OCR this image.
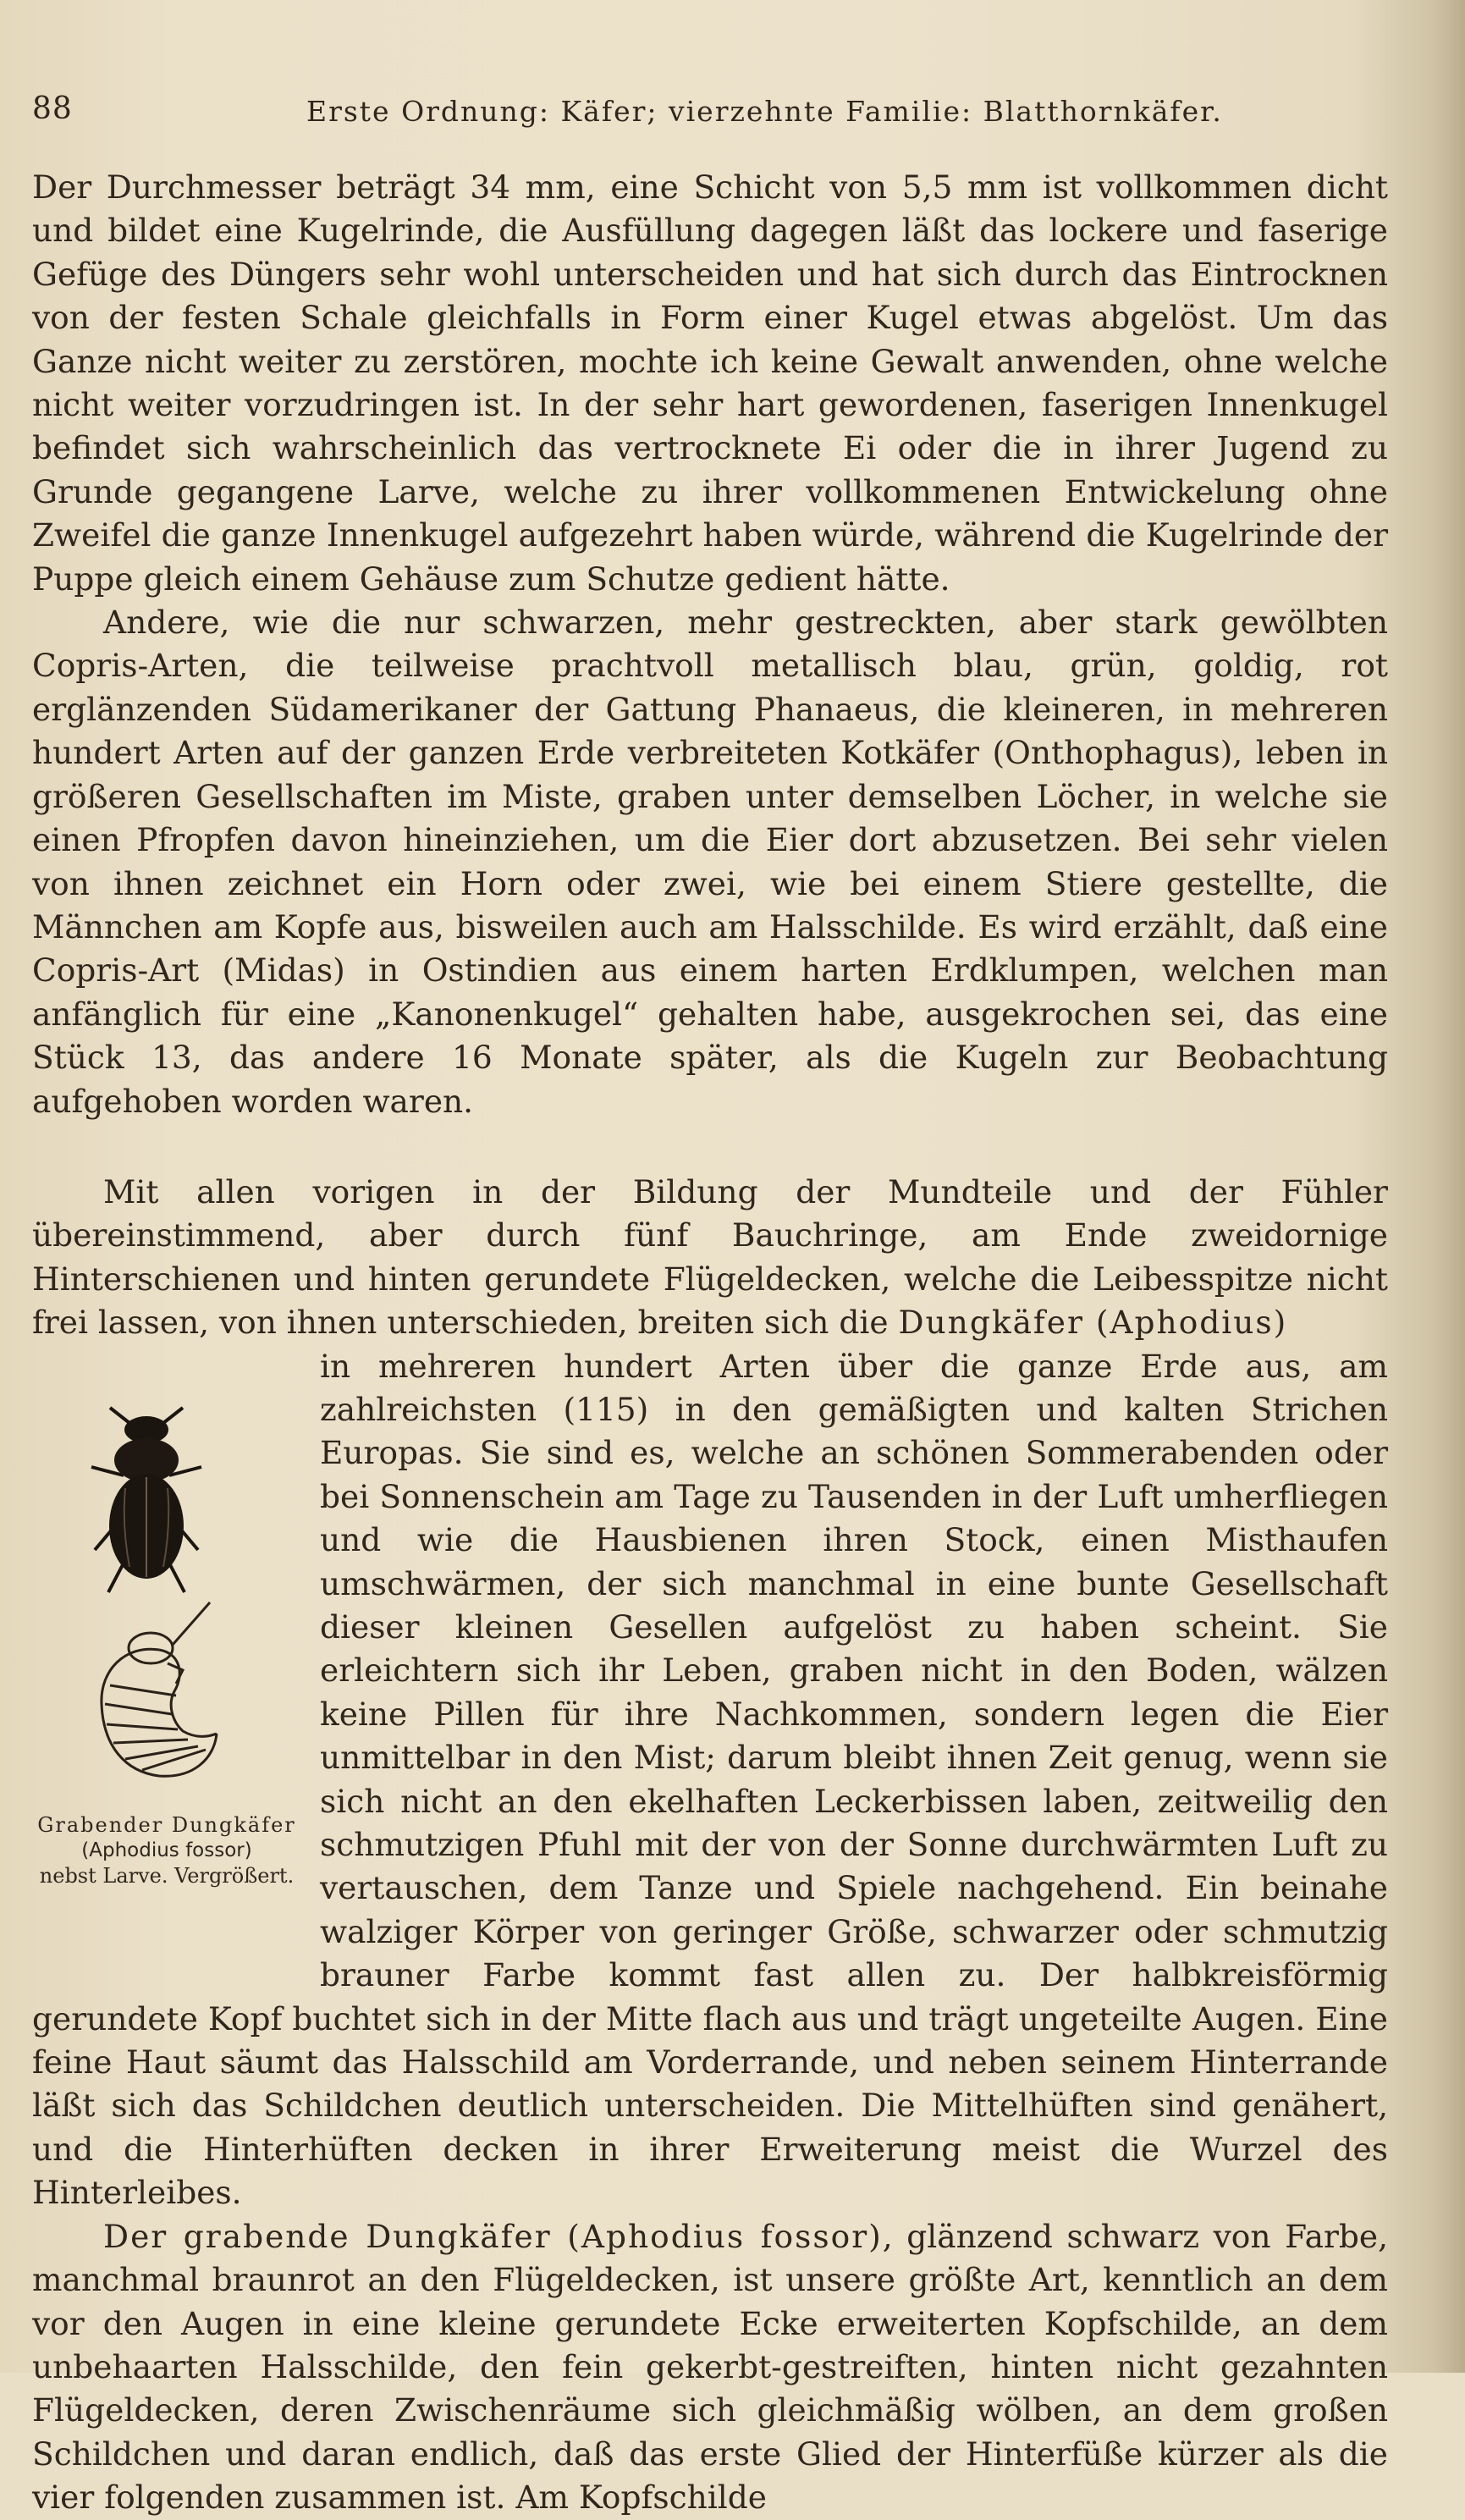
88	Erste Ordnung: Käfer; vierzehnte Familie: Blatthornkäfer.

Der Durchmesser beträgt 34 mm, eine Schicht von 5,5 mm ist vollkommen dicht und bildet eine Kugelrinde, die Ausfüllung dagegen läßt das lockere und faserige Gefüge des Düngers sehr wohl unterscheiden und hat sich durch das Eintrocknen von der festen Schale gleichfalls in Form einer Kugel etwas abgelöst. Um das Ganze nicht weiter zu zerstören, mochte ich keine Gewalt anwenden, ohne welche nicht weiter vorzudringen ist. In der sehr hart gewordenen, faserigen Innenkugel befindet sich wahrscheinlich das vertrocknete Ei oder die in ihrer Jugend zu Grunde gegangene Larve, welche zu ihrer vollkommenen Entwickelung ohne Zweifel die ganze Innenkugel aufgezehrt haben würde, während die Kugelrinde der Puppe gleich einem Gehäuse zum Schutze gedient hätte.

Andere, wie die nur schwarzen, mehr gestreckten, aber stark gewölbten Copris-Arten, die teilweise prachtvoll metallisch blau, grün, goldig, rot erglänzenden Südamerikaner der Gattung Phanaeus, die kleineren, in mehreren hundert Arten auf der ganzen Erde verbreiteten Kotkäfer (Onthophagus), leben in größeren Gesellschaften im Miste, graben unter demselben Löcher, in welche sie einen Pfropfen davon hineinziehen, um die Eier dort abzusetzen. Bei sehr vielen von ihnen zeichnet ein Horn oder zwei, wie bei einem Stiere gestellte, die Männchen am Kopfe aus, bisweilen auch am Halsschilde. Es wird erzählt, daß eine Copris-Art (Midas) in Ostindien aus einem harten Erdklumpen, welchen man anfänglich für eine „Kanonenkugel“ gehalten habe, ausgekrochen sei, das eine Stück 13, das andere 16 Monate später, als die Kugeln zur Beobachtung aufgehoben worden waren.

Mit allen vorigen in der Bildung der Mundteile und der Fühler übereinstimmend, aber durch fünf Bauchringe, am Ende zweidornige Hinterschienen und hinten gerundete Flügeldecken, welche die Leibesspitze nicht frei lassen, von ihnen unterschieden, breiten sich die Dungkäfer (Aphodius)

Grabender Dungkäfer
(Aphodius fossor)
nebst Larve. Vergrößert.
in mehreren hundert Arten über die ganze Erde aus, am zahlreichsten (115) in den gemäßigten und kalten Strichen Europas. Sie sind es, welche an schönen Sommerabenden oder bei Sonnenschein am Tage zu Tausenden in der Luft umherfliegen und wie die Hausbienen ihren Stock, einen Misthaufen umschwärmen, der sich manchmal in eine bunte Gesellschaft dieser kleinen Gesellen aufgelöst zu haben scheint. Sie erleichtern sich ihr Leben, graben nicht in den Boden, wälzen keine Pillen für ihre Nachkommen, sondern legen die Eier unmittelbar in den Mist; darum bleibt ihnen Zeit genug, wenn sie sich nicht an den ekelhaften Leckerbissen laben, zeitweilig den schmutzigen Pfuhl mit der von der Sonne durchwärmten Luft zu vertauschen, dem Tanze und Spiele nachgehend. Ein beinahe walziger Körper von geringer Größe, schwarzer oder schmutzig brauner Farbe kommt fast allen zu. Der halbkreisförmig gerundete Kopf buchtet sich in der Mitte flach aus und trägt ungeteilte Augen. Eine feine Haut säumt das Halsschild am Vorderrande, und neben seinem Hinterrande läßt sich das Schildchen deutlich unterscheiden. Die Mittelhüften sind genähert, und die Hinterhüften decken in ihrer Erweiterung meist die Wurzel des Hinterleibes.

Der grabende Dungkäfer (Aphodius fossor), glänzend schwarz von Farbe, manchmal braunrot an den Flügeldecken, ist unsere größte Art, kenntlich an dem vor den Augen in eine kleine gerundete Ecke erweiterten Kopfschilde, an dem unbehaarten Halsschilde, den fein gekerbt-gestreiften, hinten nicht gezahnten Flügeldecken, deren Zwischenräume sich gleichmäßig wölben, an dem großen Schildchen und daran endlich, daß das erste Glied der Hinterfüße kürzer als die vier folgenden zusammen ist. Am Kopfschilde
